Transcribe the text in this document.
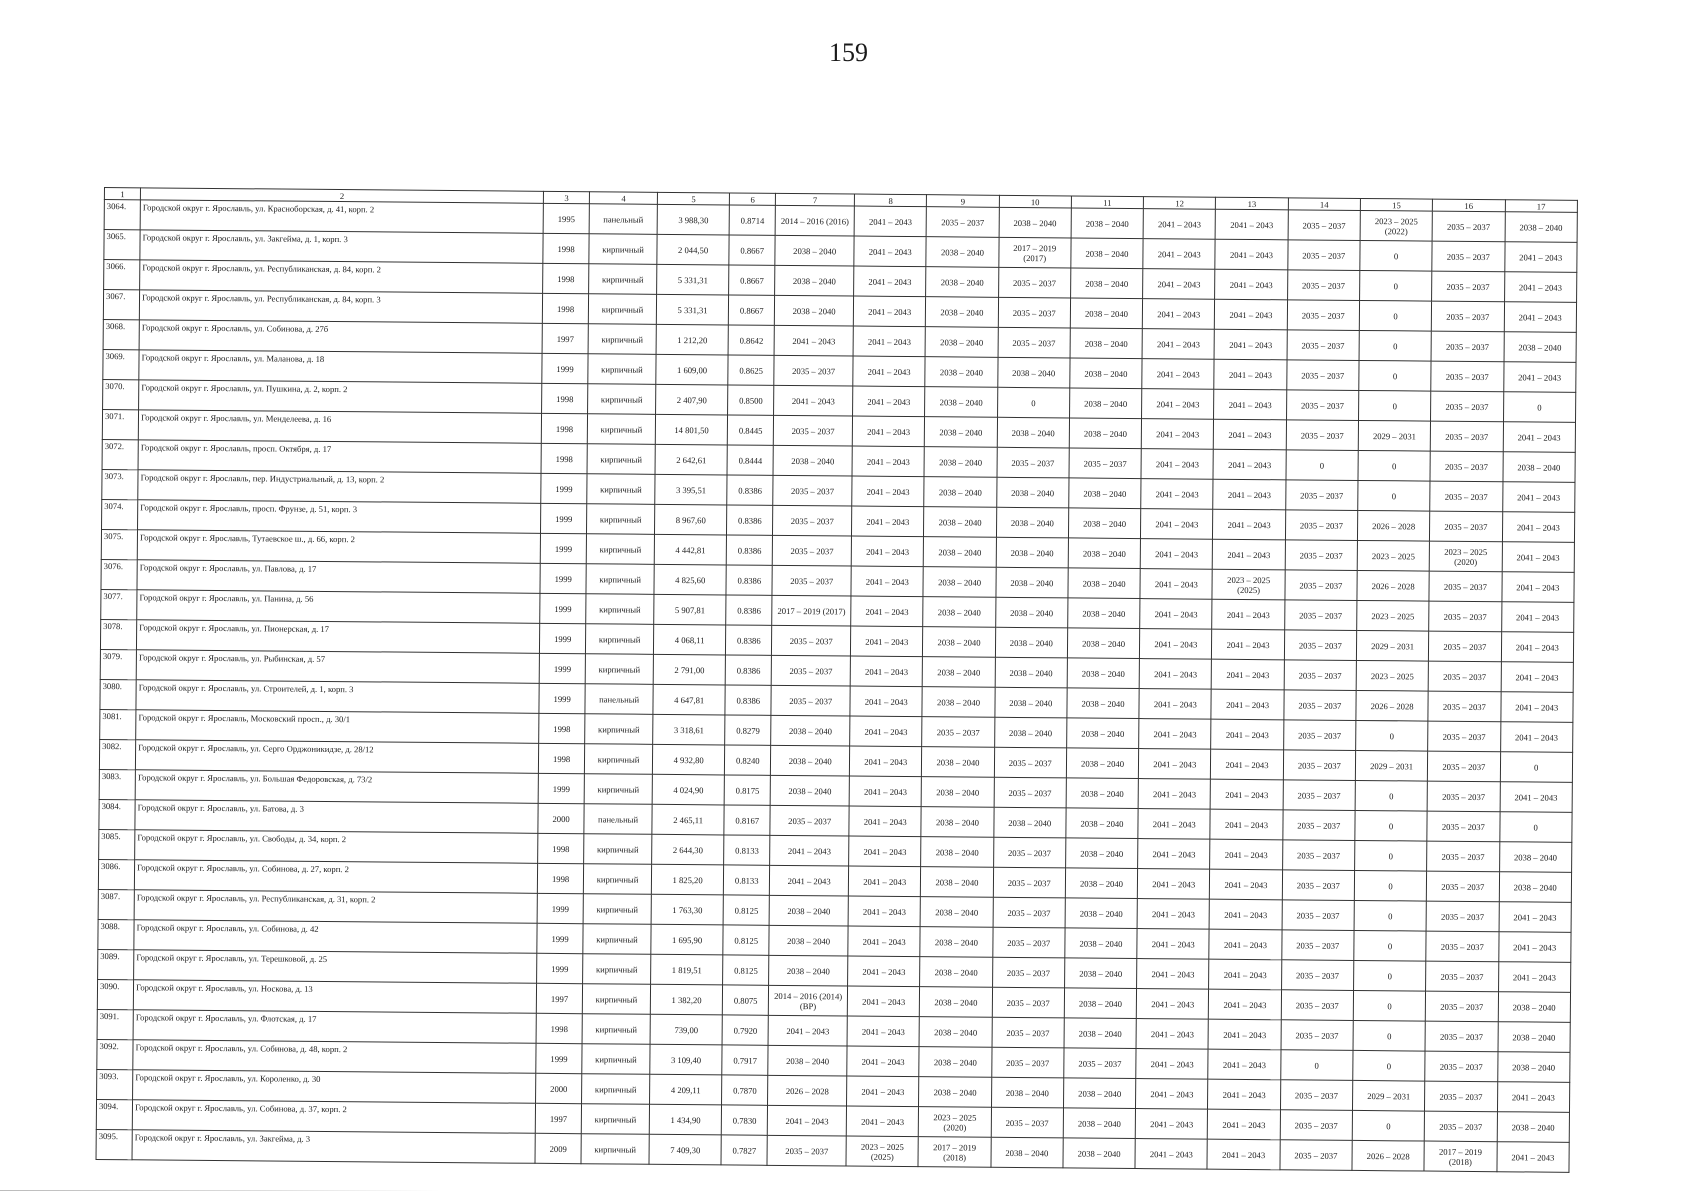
159
1	2	3	4	5	6	7	8	9	10	11	12	13	14	15	16	17
3064.	Городской округ г. Ярославль, ул. Красноборская, д. 41, корп. 2	1995	панельный	3 988,30	0.8714	2014 – 2016 (2016)	2041 – 2043	2035 – 2037	2038 – 2040	2038 – 2040	2041 – 2043	2041 – 2043	2035 – 2037	2023 – 2025 (2022)	2035 – 2037	2038 – 2040
3065.	Городской округ г. Ярославль, ул. Закгейма, д. 1, корп. 3	1998	кирпичный	2 044,50	0.8667	2038 – 2040	2041 – 2043	2038 – 2040	2017 – 2019 (2017)	2038 – 2040	2041 – 2043	2041 – 2043	2035 – 2037	0	2035 – 2037	2041 – 2043
3066.	Городской округ г. Ярославль, ул. Республиканская, д. 84, корп. 2	1998	кирпичный	5 331,31	0.8667	2038 – 2040	2041 – 2043	2038 – 2040	2035 – 2037	2038 – 2040	2041 – 2043	2041 – 2043	2035 – 2037	0	2035 – 2037	2041 – 2043
3067.	Городской округ г. Ярославль, ул. Республиканская, д. 84, корп. 3	1998	кирпичный	5 331,31	0.8667	2038 – 2040	2041 – 2043	2038 – 2040	2035 – 2037	2038 – 2040	2041 – 2043	2041 – 2043	2035 – 2037	0	2035 – 2037	2041 – 2043
3068.	Городской округ г. Ярославль, ул. Собинова, д. 27б	1997	кирпичный	1 212,20	0.8642	2041 – 2043	2041 – 2043	2038 – 2040	2035 – 2037	2038 – 2040	2041 – 2043	2041 – 2043	2035 – 2037	0	2035 – 2037	2038 – 2040
3069.	Городской округ г. Ярославль, ул. Маланова, д. 18	1999	кирпичный	1 609,00	0.8625	2035 – 2037	2041 – 2043	2038 – 2040	2038 – 2040	2038 – 2040	2041 – 2043	2041 – 2043	2035 – 2037	0	2035 – 2037	2041 – 2043
3070.	Городской округ г. Ярославль, ул. Пушкина, д. 2, корп. 2	1998	кирпичный	2 407,90	0.8500	2041 – 2043	2041 – 2043	2038 – 2040	0	2038 – 2040	2041 – 2043	2041 – 2043	2035 – 2037	0	2035 – 2037	0
3071.	Городской округ г. Ярославль, ул. Менделеева, д. 16	1998	кирпичный	14 801,50	0.8445	2035 – 2037	2041 – 2043	2038 – 2040	2038 – 2040	2038 – 2040	2041 – 2043	2041 – 2043	2035 – 2037	2029 – 2031	2035 – 2037	2041 – 2043
3072.	Городской округ г. Ярославль, просп. Октября, д. 17	1998	кирпичный	2 642,61	0.8444	2038 – 2040	2041 – 2043	2038 – 2040	2035 – 2037	2035 – 2037	2041 – 2043	2041 – 2043	0	0	2035 – 2037	2038 – 2040
3073.	Городской округ г. Ярославль, пер. Индустриальный, д. 13, корп. 2	1999	кирпичный	3 395,51	0.8386	2035 – 2037	2041 – 2043	2038 – 2040	2038 – 2040	2038 – 2040	2041 – 2043	2041 – 2043	2035 – 2037	0	2035 – 2037	2041 – 2043
3074.	Городской округ г. Ярославль, просп. Фрунзе, д. 51, корп. 3	1999	кирпичный	8 967,60	0.8386	2035 – 2037	2041 – 2043	2038 – 2040	2038 – 2040	2038 – 2040	2041 – 2043	2041 – 2043	2035 – 2037	2026 – 2028	2035 – 2037	2041 – 2043
3075.	Городской округ г. Ярославль, Тутаевское ш., д. 66, корп. 2	1999	кирпичный	4 442,81	0.8386	2035 – 2037	2041 – 2043	2038 – 2040	2038 – 2040	2038 – 2040	2041 – 2043	2041 – 2043	2035 – 2037	2023 – 2025	2023 – 2025 (2020)	2041 – 2043
3076.	Городской округ г. Ярославль, ул. Павлова, д. 17	1999	кирпичный	4 825,60	0.8386	2035 – 2037	2041 – 2043	2038 – 2040	2038 – 2040	2038 – 2040	2041 – 2043	2023 – 2025 (2025)	2035 – 2037	2026 – 2028	2035 – 2037	2041 – 2043
3077.	Городской округ г. Ярославль, ул. Панина, д. 56	1999	кирпичный	5 907,81	0.8386	2017 – 2019 (2017)	2041 – 2043	2038 – 2040	2038 – 2040	2038 – 2040	2041 – 2043	2041 – 2043	2035 – 2037	2023 – 2025	2035 – 2037	2041 – 2043
3078.	Городской округ г. Ярославль, ул. Пионерская, д. 17	1999	кирпичный	4 068,11	0.8386	2035 – 2037	2041 – 2043	2038 – 2040	2038 – 2040	2038 – 2040	2041 – 2043	2041 – 2043	2035 – 2037	2029 – 2031	2035 – 2037	2041 – 2043
3079.	Городской округ г. Ярославль, ул. Рыбинская, д. 57	1999	кирпичный	2 791,00	0.8386	2035 – 2037	2041 – 2043	2038 – 2040	2038 – 2040	2038 – 2040	2041 – 2043	2041 – 2043	2035 – 2037	2023 – 2025	2035 – 2037	2041 – 2043
3080.	Городской округ г. Ярославль, ул. Строителей, д. 1, корп. 3	1999	панельный	4 647,81	0.8386	2035 – 2037	2041 – 2043	2038 – 2040	2038 – 2040	2038 – 2040	2041 – 2043	2041 – 2043	2035 – 2037	2026 – 2028	2035 – 2037	2041 – 2043
3081.	Городской округ г. Ярославль, Московский просп., д. 30/1	1998	кирпичный	3 318,61	0.8279	2038 – 2040	2041 – 2043	2035 – 2037	2038 – 2040	2038 – 2040	2041 – 2043	2041 – 2043	2035 – 2037	0	2035 – 2037	2041 – 2043
3082.	Городской округ г. Ярославль, ул. Серго Орджоникидзе, д. 28/12	1998	кирпичный	4 932,80	0.8240	2038 – 2040	2041 – 2043	2038 – 2040	2035 – 2037	2038 – 2040	2041 – 2043	2041 – 2043	2035 – 2037	2029 – 2031	2035 – 2037	0
3083.	Городской округ г. Ярославль, ул. Большая Федоровская, д. 73/2	1999	кирпичный	4 024,90	0.8175	2038 – 2040	2041 – 2043	2038 – 2040	2035 – 2037	2038 – 2040	2041 – 2043	2041 – 2043	2035 – 2037	0	2035 – 2037	2041 – 2043
3084.	Городской округ г. Ярославль, ул. Батова, д. 3	2000	панельный	2 465,11	0.8167	2035 – 2037	2041 – 2043	2038 – 2040	2038 – 2040	2038 – 2040	2041 – 2043	2041 – 2043	2035 – 2037	0	2035 – 2037	0
3085.	Городской округ г. Ярославль, ул. Свободы, д. 34, корп. 2	1998	кирпичный	2 644,30	0.8133	2041 – 2043	2041 – 2043	2038 – 2040	2035 – 2037	2038 – 2040	2041 – 2043	2041 – 2043	2035 – 2037	0	2035 – 2037	2038 – 2040
3086.	Городской округ г. Ярославль, ул. Собинова, д. 27, корп. 2	1998	кирпичный	1 825,20	0.8133	2041 – 2043	2041 – 2043	2038 – 2040	2035 – 2037	2038 – 2040	2041 – 2043	2041 – 2043	2035 – 2037	0	2035 – 2037	2038 – 2040
3087.	Городской округ г. Ярославль, ул. Республиканская, д. 31, корп. 2	1999	кирпичный	1 763,30	0.8125	2038 – 2040	2041 – 2043	2038 – 2040	2035 – 2037	2038 – 2040	2041 – 2043	2041 – 2043	2035 – 2037	0	2035 – 2037	2041 – 2043
3088.	Городской округ г. Ярославль, ул. Собинова, д. 42	1999	кирпичный	1 695,90	0.8125	2038 – 2040	2041 – 2043	2038 – 2040	2035 – 2037	2038 – 2040	2041 – 2043	2041 – 2043	2035 – 2037	0	2035 – 2037	2041 – 2043
3089.	Городской округ г. Ярославль, ул. Терешковой, д. 25	1999	кирпичный	1 819,51	0.8125	2038 – 2040	2041 – 2043	2038 – 2040	2035 – 2037	2038 – 2040	2041 – 2043	2041 – 2043	2035 – 2037	0	2035 – 2037	2041 – 2043
3090.	Городской округ г. Ярославль, ул. Носкова, д. 13	1997	кирпичный	1 382,20	0.8075	2014 – 2016 (2014) (ВР)	2041 – 2043	2038 – 2040	2035 – 2037	2038 – 2040	2041 – 2043	2041 – 2043	2035 – 2037	0	2035 – 2037	2038 – 2040
3091.	Городской округ г. Ярославль, ул. Флотская, д. 17	1998	кирпичный	739,00	0.7920	2041 – 2043	2041 – 2043	2038 – 2040	2035 – 2037	2038 – 2040	2041 – 2043	2041 – 2043	2035 – 2037	0	2035 – 2037	2038 – 2040
3092.	Городской округ г. Ярославль, ул. Собинова, д. 48, корп. 2	1999	кирпичный	3 109,40	0.7917	2038 – 2040	2041 – 2043	2038 – 2040	2035 – 2037	2035 – 2037	2041 – 2043	2041 – 2043	0	0	2035 – 2037	2038 – 2040
3093.	Городской округ г. Ярославль, ул. Короленко, д. 30	2000	кирпичный	4 209,11	0.7870	2026 – 2028	2041 – 2043	2038 – 2040	2038 – 2040	2038 – 2040	2041 – 2043	2041 – 2043	2035 – 2037	2029 – 2031	2035 – 2037	2041 – 2043
3094.	Городской округ г. Ярославль, ул. Собинова, д. 37, корп. 2	1997	кирпичный	1 434,90	0.7830	2041 – 2043	2041 – 2043	2023 – 2025 (2020)	2035 – 2037	2038 – 2040	2041 – 2043	2041 – 2043	2035 – 2037	0	2035 – 2037	2038 – 2040
3095.	Городской округ г. Ярославль, ул. Закгейма, д. 3	2009	кирпичный	7 409,30	0.7827	2035 – 2037	2023 – 2025 (2025)	2017 – 2019 (2018)	2038 – 2040	2038 – 2040	2041 – 2043	2041 – 2043	2035 – 2037	2026 – 2028	2017 – 2019 (2018)	2041 – 2043
